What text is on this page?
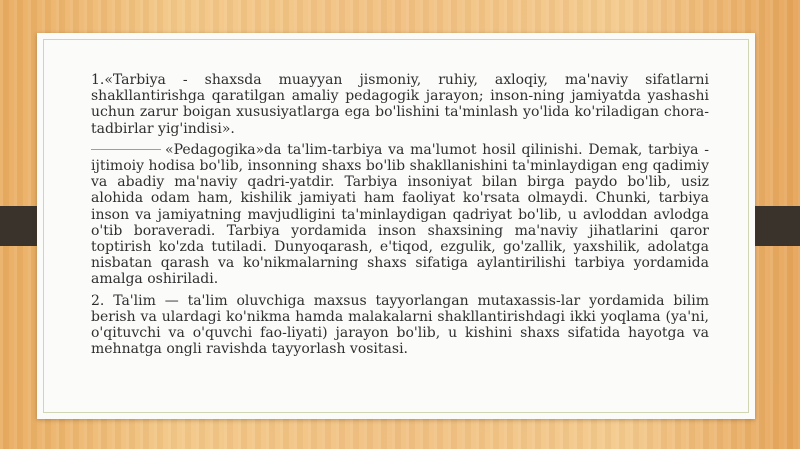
1.«Tarbiya - shaxsda muayyan jismoniy, ruhiy, axloqiy, ma'naviy sifatlarni shakllantirishga qaratilgan amaliy pedagogik jarayon; inson-ning jamiyatda yashashi uchun zarur boigan xususiyatlarga ega bo'lishini ta'minlash yo'lida ko'riladigan chora-tadbirlar yig'indisi».

«Pedagogika»da ta'lim-tarbiya va ma'lumot hosil qilinishi. Demak, tarbiya - ijtimoiy hodisa bo'lib, insonning shaxs bo'lib shakllanishini ta'minlaydigan eng qadimiy va abadiy ma'naviy qadri-yatdir. Tarbiya insoniyat bilan birga paydo bo'lib, usiz alohida odam ham, kishilik jamiyati ham faoliyat ko'rsata olmaydi. Chunki, tarbiya inson va jamiyatning mavjudligini ta'minlaydigan qadriyat bo'lib, u avloddan avlodga o'tib boraveradi. Tarbiya yordamida inson shaxsining ma'naviy jihatlarini qaror toptirish ko'zda tutiladi. Dunyoqarash, e'tiqod, ezgulik, go'zallik, yaxshilik, adolatga nisbatan qarash va ko'nikmalarning shaxs sifatiga aylantirilishi tarbiya yordamida amalga oshiriladi.

2. Ta'lim — ta'lim oluvchiga maxsus tayyorlangan mutaxassis-lar yordamida bilim berish va ulardagi ko'nikma hamda malakalarni shakllantirishdagi ikki yoqlama (ya'ni, o'qituvchi va o'quvchi fao-liyati) jarayon bo'lib, u kishini shaxs sifatida hayotga va mehnatga ongli ravishda tayyorlash vositasi.
